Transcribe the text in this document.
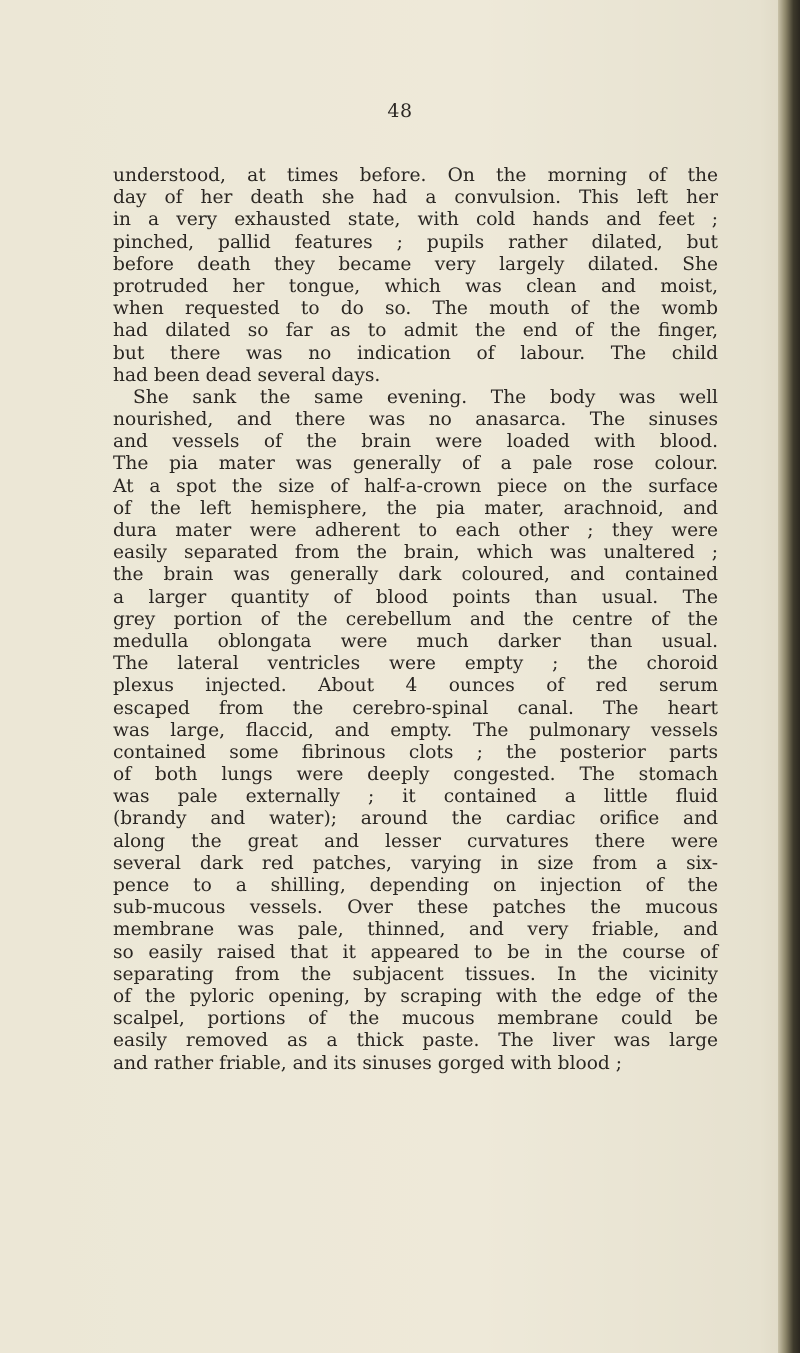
48
understood, at times before. On the morning of the
day of her death she had a convulsion. This left her
in a very exhausted state, with cold hands and feet ;
pinched, pallid features ; pupils rather dilated, but
before death they became very largely dilated. She
protruded her tongue, which was clean and moist,
when requested to do so. The mouth of the womb
had dilated so far as to admit the end of the finger,
but there was no indication of labour. The child
had been dead several days.
She sank the same evening. The body was well
nourished, and there was no anasarca. The sinuses
and vessels of the brain were loaded with blood.
The pia mater was generally of a pale rose colour.
At a spot the size of half-a-crown piece on the surface
of the left hemisphere, the pia mater, arachnoid, and
dura mater were adherent to each other ; they were
easily separated from the brain, which was unaltered ;
the brain was generally dark coloured, and contained
a larger quantity of blood points than usual. The
grey portion of the cerebellum and the centre of the
medulla oblongata were much darker than usual.
The lateral ventricles were empty ; the choroid
plexus injected. About 4 ounces of red serum
escaped from the cerebro-spinal canal. The heart
was large, flaccid, and empty. The pulmonary vessels
contained some fibrinous clots ; the posterior parts
of both lungs were deeply congested. The stomach
was pale externally ; it contained a little fluid
(brandy and water); around the cardiac orifice and
along the great and lesser curvatures there were
several dark red patches, varying in size from a six-
pence to a shilling, depending on injection of the
sub-mucous vessels. Over these patches the mucous
membrane was pale, thinned, and very friable, and
so easily raised that it appeared to be in the course of
separating from the subjacent tissues. In the vicinity
of the pyloric opening, by scraping with the edge of the
scalpel, portions of the mucous membrane could be
easily removed as a thick paste. The liver was large
and rather friable, and its sinuses gorged with blood ;
